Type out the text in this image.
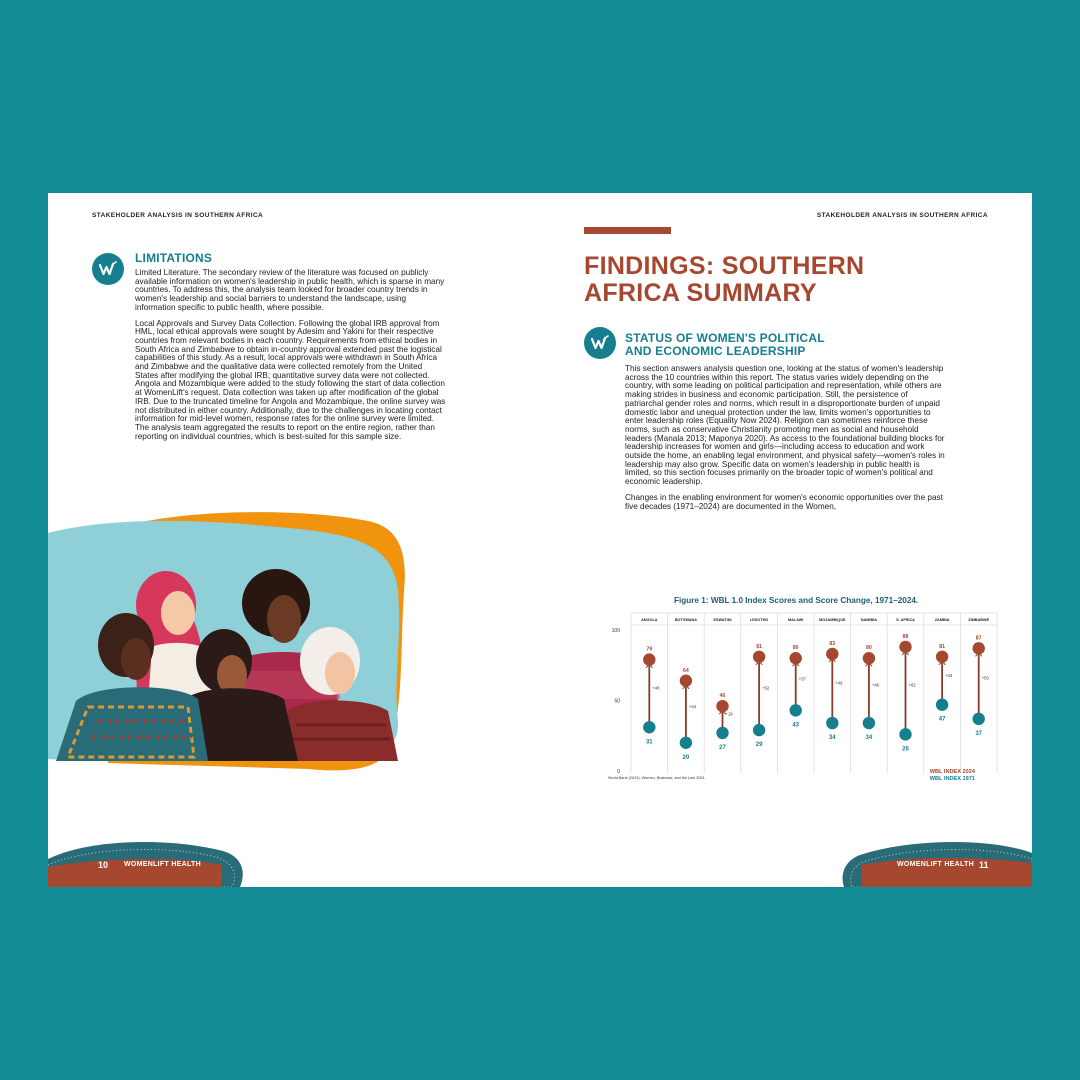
STAKEHOLDER ANALYSIS IN SOUTHERN AFRICA	STAKEHOLDER ANALYSIS IN SOUTHERN AFRICA
LIMITATIONS

Limited Literature. The secondary review of the literature was focused on publicly available information on women's leadership in public health, which is sparse in many countries. To address this, the analysis team looked for broader country trends in women's leadership and social barriers to understand the landscape, using information specific to public health, where possible.

Local Approvals and Survey Data Collection. Following the global IRB approval from HML, local ethical approvals were sought by Adesim and Yakini for their respective countries from relevant bodies in each country. Requirements from ethical bodies in South Africa and Zimbabwe to obtain in-country approval extended past the logistical capabilities of this study. As a result, local approvals were withdrawn in South Africa and Zimbabwe and the qualitative data were collected remotely from the United States after modifying the global IRB; quantitative survey data were not collected. Angola and Mozambique were added to the study following the start of data collection at WomenLift's request. Data collection was taken up after modification of the global IRB. Due to the truncated timeline for Angola and Mozambique, the online survey was not distributed in either country. Additionally, due to the challenges in locating contact information for mid-level women, response rates for the online survey were limited. The analysis team aggregated the results to report on the entire region, rather than reporting on individual countries, which is best-suited for this sample size.

FINDINGS: SOUTHERN AFRICA SUMMARY
STATUS OF WOMEN'S POLITICAL
AND ECONOMIC LEADERSHIP

This section answers analysis question one, looking at the status of women's leadership across the 10 countries within this report. The status varies widely depending on the country, with some leading on political participation and representation, while others are making strides in business and economic participation. Still, the persistence of patriarchal gender roles and norms, which result in a disproportionate burden of unpaid domestic labor and unequal protection under the law, limits women's opportunities to enter leadership roles (Equality Now 2024). Religion can sometimes reinforce these norms, such as conservative Christianity promoting men as social and household leaders (Manala 2013; Maponya 2020). As access to the foundational building blocks for leadership increases for women and girls—including access to education and work outside the home, an enabling legal environment, and physical safety—women's roles in leadership may also grow. Specific data on women's leadership in public health is limited, so this section focuses primarily on the broader topic of women's political and economic leadership.

Changes in the enabling environment for women's economic opportunities over the past five decades (1971–2024) are documented in the Women,

Figure 1: WBL 1.0 Index Scores and Score Change, 1971–2024.
100
50
0
ANGOLA
79
31
+48
BOTSWANA
64
20
+44
ESWATINI
46
27
+19
LESOTHO
81
29
+52
MALAWI
80
43
+37
MOZAMBIQUE
83
34
+49
NAMIBIA
80
34
+46
S. AFRICA
88
26
+62
ZAMBIA
81
47
+34
ZIMBABWE
87
37
+50
World Bank (2024). Women, Business, and the Law 2024.
WBL INDEX 2024
WBL INDEX 1971
10 WOMENLIFT HEALTH	WOMENLIFT HEALTH 11
